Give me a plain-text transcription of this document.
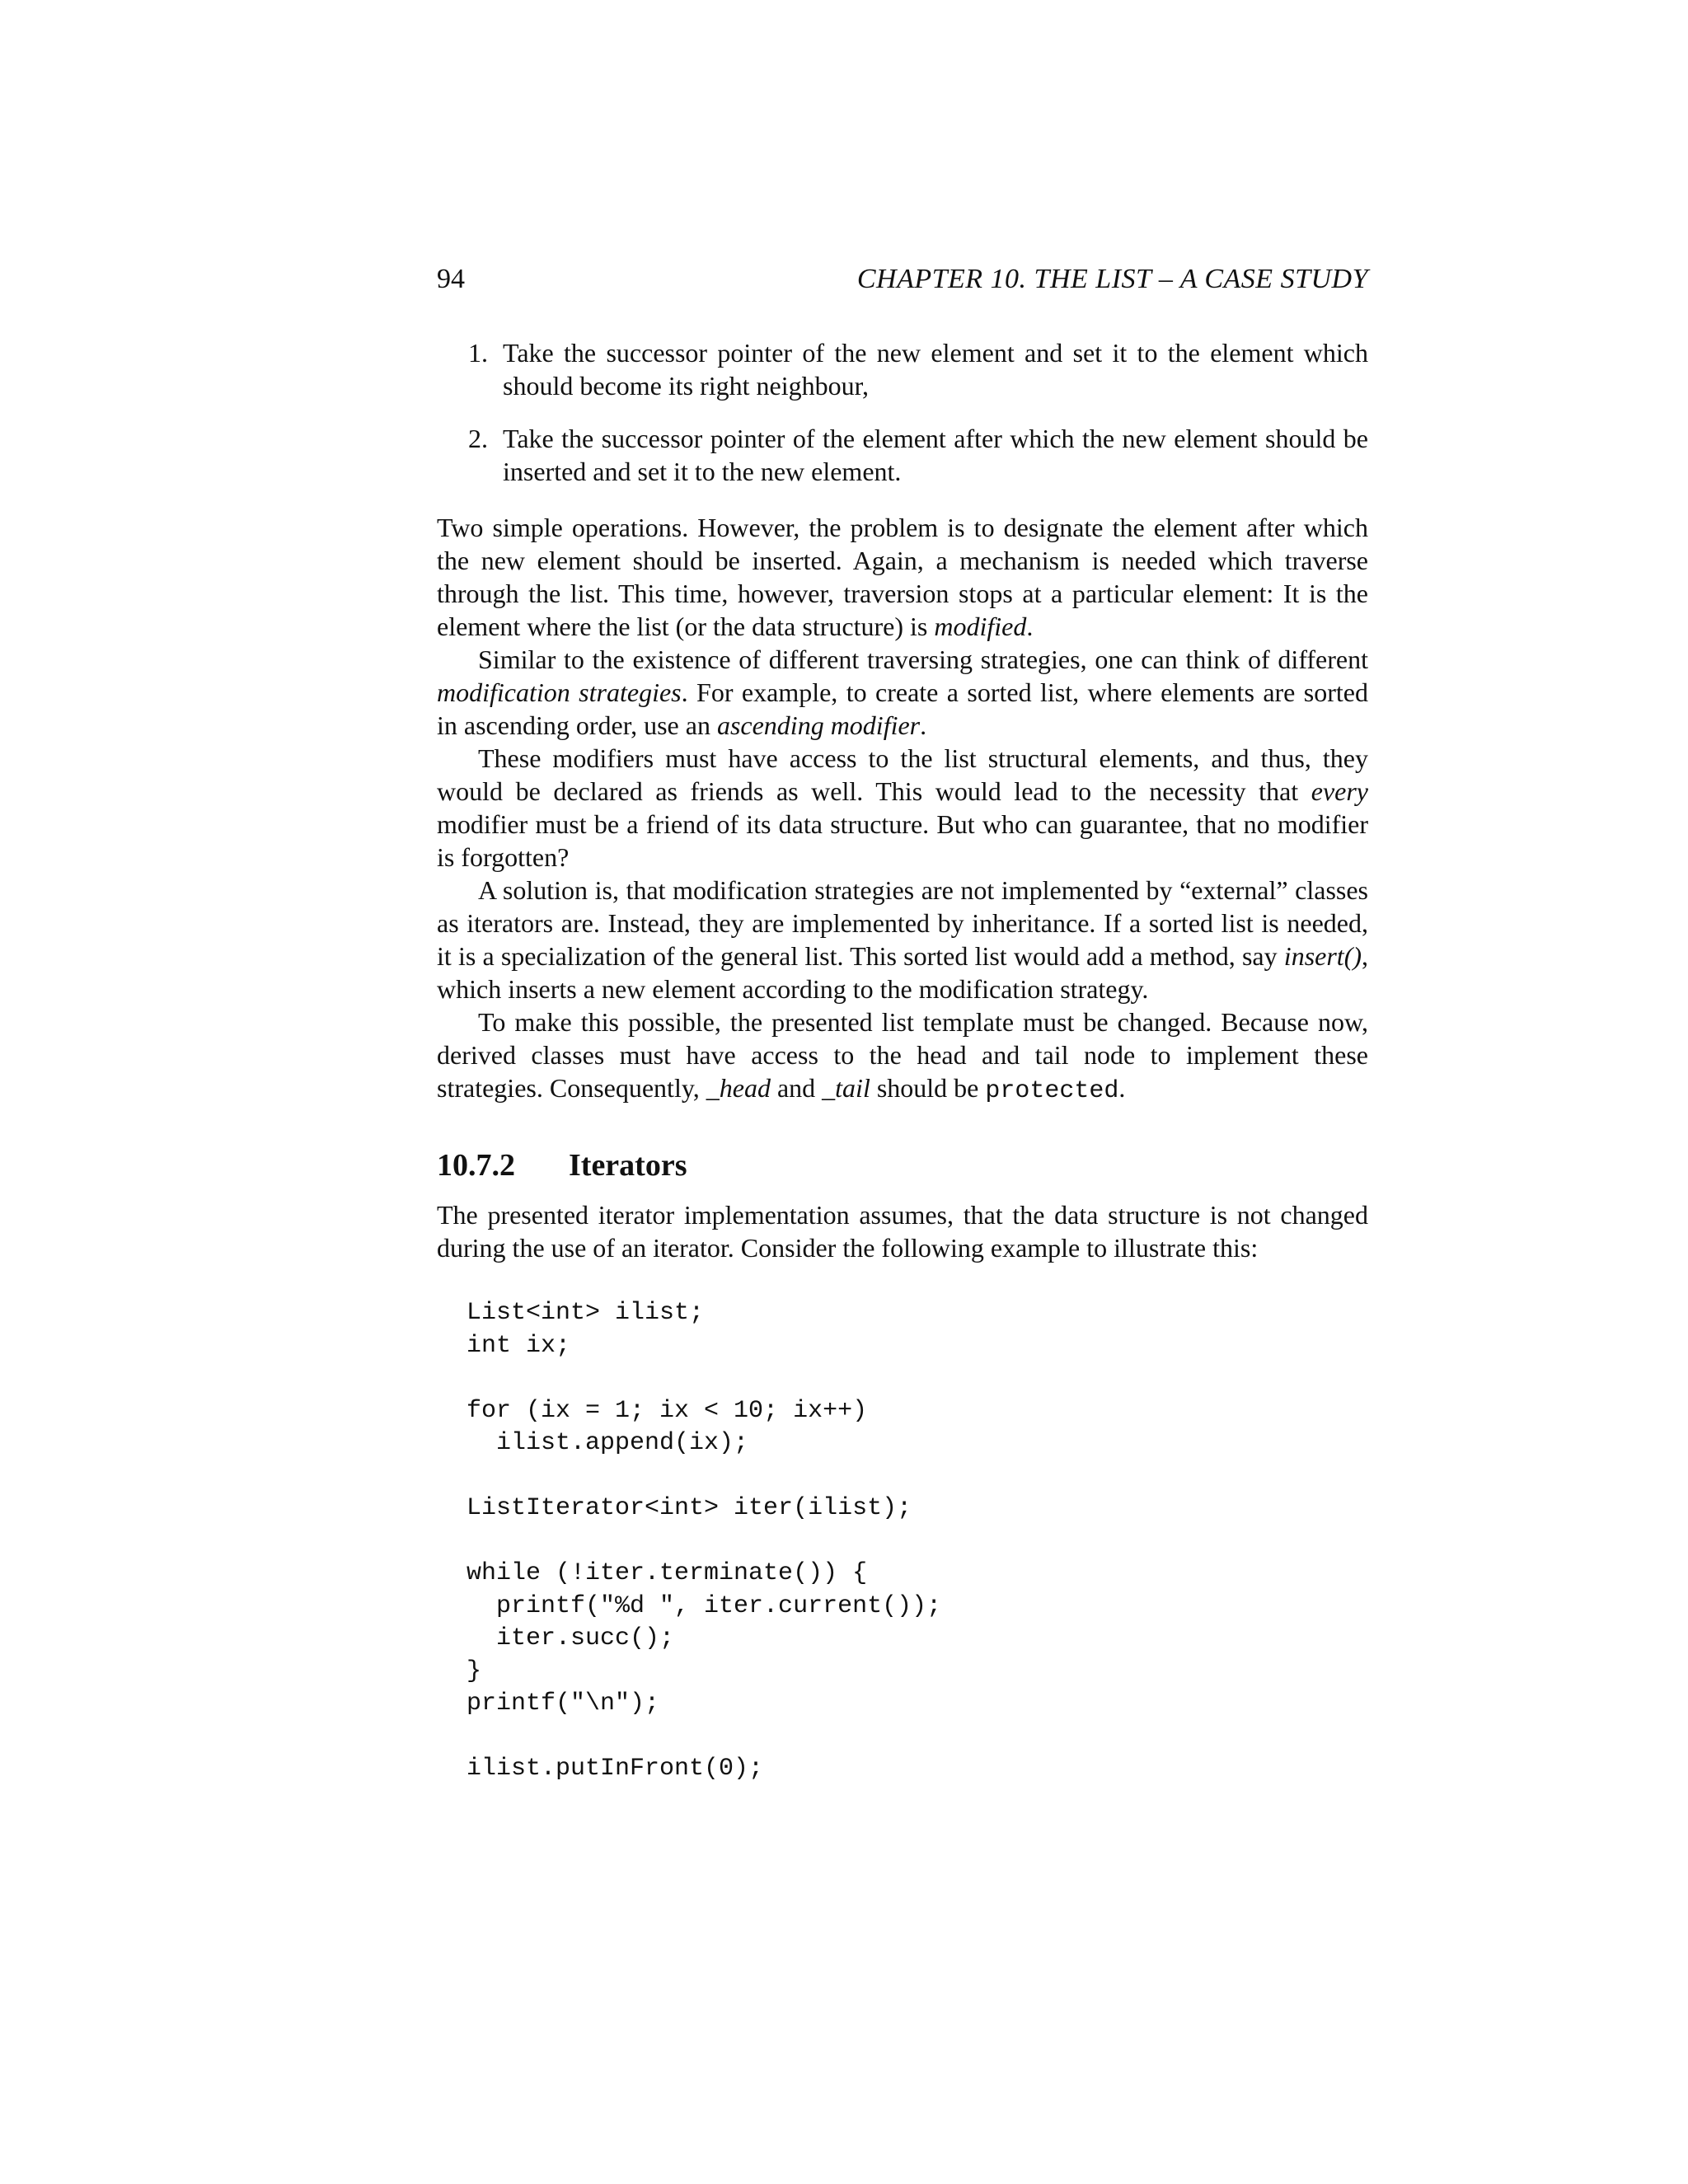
94	CHAPTER 10. THE LIST – A CASE STUDY
1. Take the successor pointer of the new element and set it to the element which should become its right neighbour,
2. Take the successor pointer of the element after which the new element should be inserted and set it to the new element.

Two simple operations. However, the problem is to designate the element after which the new element should be inserted. Again, a mechanism is needed which traverse through the list. This time, however, traversion stops at a particular element: It is the element where the list (or the data structure) is modified.

Similar to the existence of different traversing strategies, one can think of different modification strategies. For example, to create a sorted list, where elements are sorted in ascending order, use an ascending modifier.

These modifiers must have access to the list structural elements, and thus, they would be declared as friends as well. This would lead to the necessity that every modifier must be a friend of its data structure. But who can guarantee, that no modifier is forgotten?

A solution is, that modification strategies are not implemented by “external” classes as iterators are. Instead, they are implemented by inheritance. If a sorted list is needed, it is a specialization of the general list. This sorted list would add a method, say insert(), which inserts a new element according to the modification strategy.

To make this possible, the presented list template must be changed. Because now, derived classes must have access to the head and tail node to implement these strategies. Consequently, _head and _tail should be protected.

10.7.2 Iterators

The presented iterator implementation assumes, that the data structure is not changed during the use of an iterator. Consider the following example to illustrate this:

List<int> ilist;
int ix;

for (ix = 1; ix < 10; ix++)
ilist.append(ix);

ListIterator<int> iter(ilist);

while (!iter.terminate()) {
printf("%d ", iter.current());
iter.succ();
}
printf("\n");

ilist.putInFront(0);
